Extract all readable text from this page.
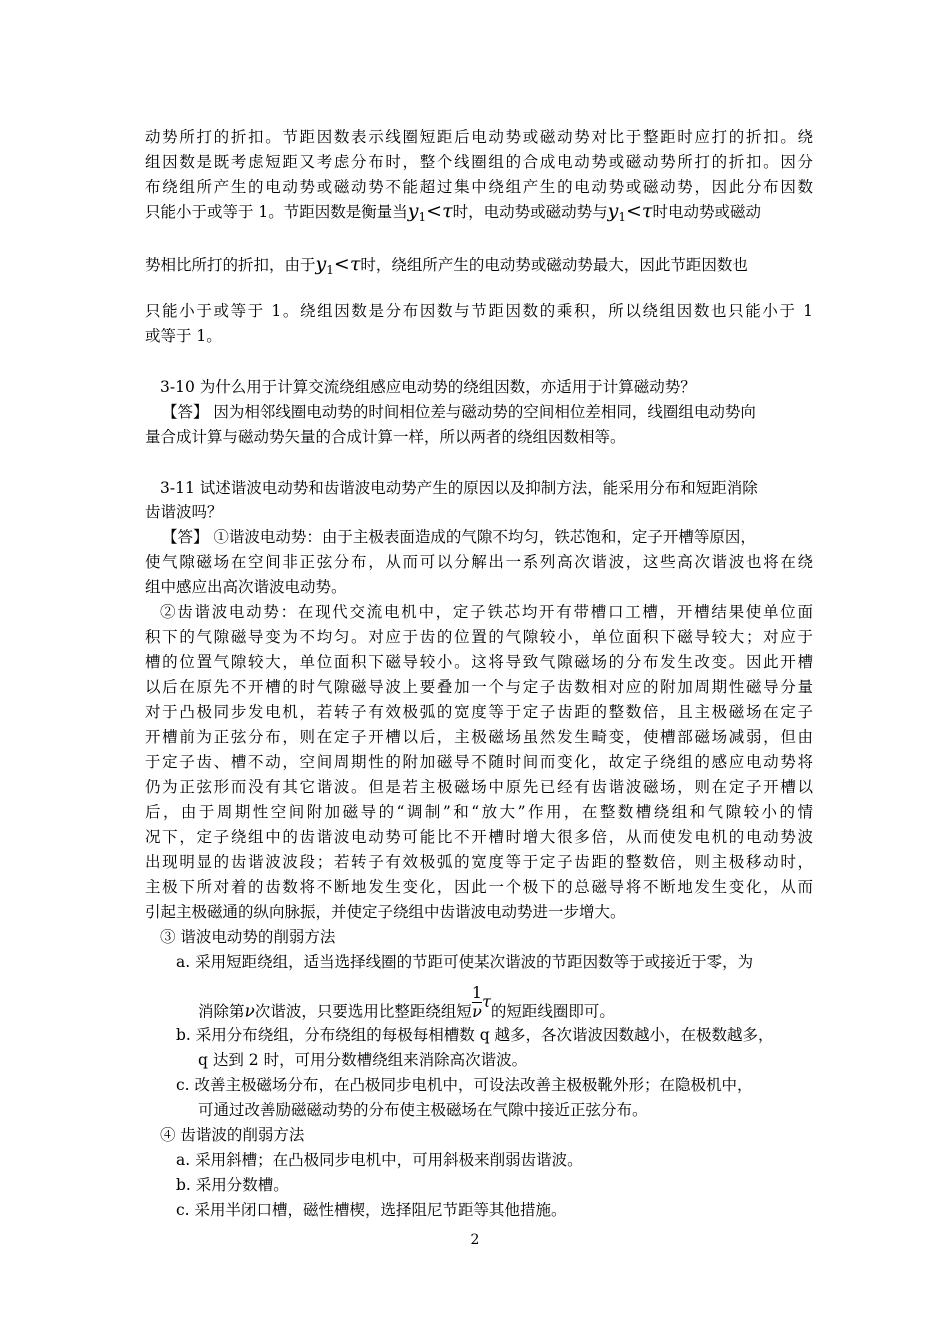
动势所打的折扣。节距因数表示线圈短距后电动势或磁动势对比于整距时应打的折扣。绕
组因数是既考虑短距又考虑分布时，整个线圈组的合成电动势或磁动势所打的折扣。因分
布绕组所产生的电动势或磁动势不能超过集中绕组产生的电动势或磁动势，因此分布因数
只能小于或等于 1。节距因数是衡量当$y_1<\tau$时，电动势或磁动势与$y_1<\tau$时电动势或磁动
势相比所打的折扣，由于$y_1<\tau$时，绕组所产生的电动势或磁动势最大，因此节距因数也
只能小于或等于 1。绕组因数是分布因数与节距因数的乘积，所以绕组因数也只能小于 1
或等于 1。
3-10 为什么用于计算交流绕组感应电动势的绕组因数，亦适用于计算磁动势？
【答】 因为相邻线圈电动势的时间相位差与磁动势的空间相位差相同，线圈组电动势向
量合成计算与磁动势矢量的合成计算一样，所以两者的绕组因数相等。
3-11 试述谐波电动势和齿谐波电动势产生的原因以及抑制方法，能采用分布和短距消除
齿谐波吗？
【答】 ①谐波电动势：由于主极表面造成的气隙不均匀，铁芯饱和，定子开槽等原因，
使气隙磁场在空间非正弦分布，从而可以分解出一系列高次谐波，这些高次谐波也将在绕
组中感应出高次谐波电动势。
②齿谐波电动势：在现代交流电机中，定子铁芯均开有带槽口工槽，开槽结果使单位面
积下的气隙磁导变为不均匀。对应于齿的位置的气隙较小，单位面积下磁导较大；对应于
槽的位置气隙较大，单位面积下磁导较小。这将导致气隙磁场的分布发生改变。因此开槽
以后在原先不开槽的时气隙磁导波上要叠加一个与定子齿数相对应的附加周期性磁导分量
对于凸极同步发电机，若转子有效极弧的宽度等于定子齿距的整数倍，且主极磁场在定子
开槽前为正弦分布，则在定子开槽以后，主极磁场虽然发生畸变，使槽部磁场减弱，但由
于定子齿、槽不动，空间周期性的附加磁导不随时间而变化，故定子绕组的感应电动势将
仍为正弦形而没有其它谐波。但是若主极磁场中原先已经有齿谐波磁场，则在定子开槽以
后，由于周期性空间附加磁导的“调制”和“放大”作用，在整数槽绕组和气隙较小的情
况下，定子绕组中的齿谐波电动势可能比不开槽时增大很多倍，从而使发电机的电动势波
出现明显的齿谐波波段；若转子有效极弧的宽度等于定子齿距的整数倍，则主极移动时，
主极下所对着的齿数将不断地发生变化，因此一个极下的总磁导将不断地发生变化，从而
引起主极磁通的纵向脉振，并使定子绕组中齿谐波电动势进一步增大。
③ 谐波电动势的削弱方法
a. 采用短距绕组，适当选择线圈的节距可使某次谐波的节距因数等于或接近于零，为
消除第ν次谐波，只要选用比整距绕组短 $\frac{1}{\nu}$ τ的短距线圈即可。
b. 采用分布绕组，分布绕组的每极每相槽数 q 越多，各次谐波因数越小，在极数越多，
q 达到 2 时，可用分数槽绕组来消除高次谐波。
c. 改善主极磁场分布，在凸极同步电机中，可设法改善主极极靴外形；在隐极机中，
可通过改善励磁磁动势的分布使主极磁场在气隙中接近正弦分布。
④ 齿谐波的削弱方法
a. 采用斜槽；在凸极同步电机中，可用斜极来削弱齿谐波。
b. 采用分数槽。
c. 采用半闭口槽，磁性槽楔，选择阻尼节距等其他措施。
2
